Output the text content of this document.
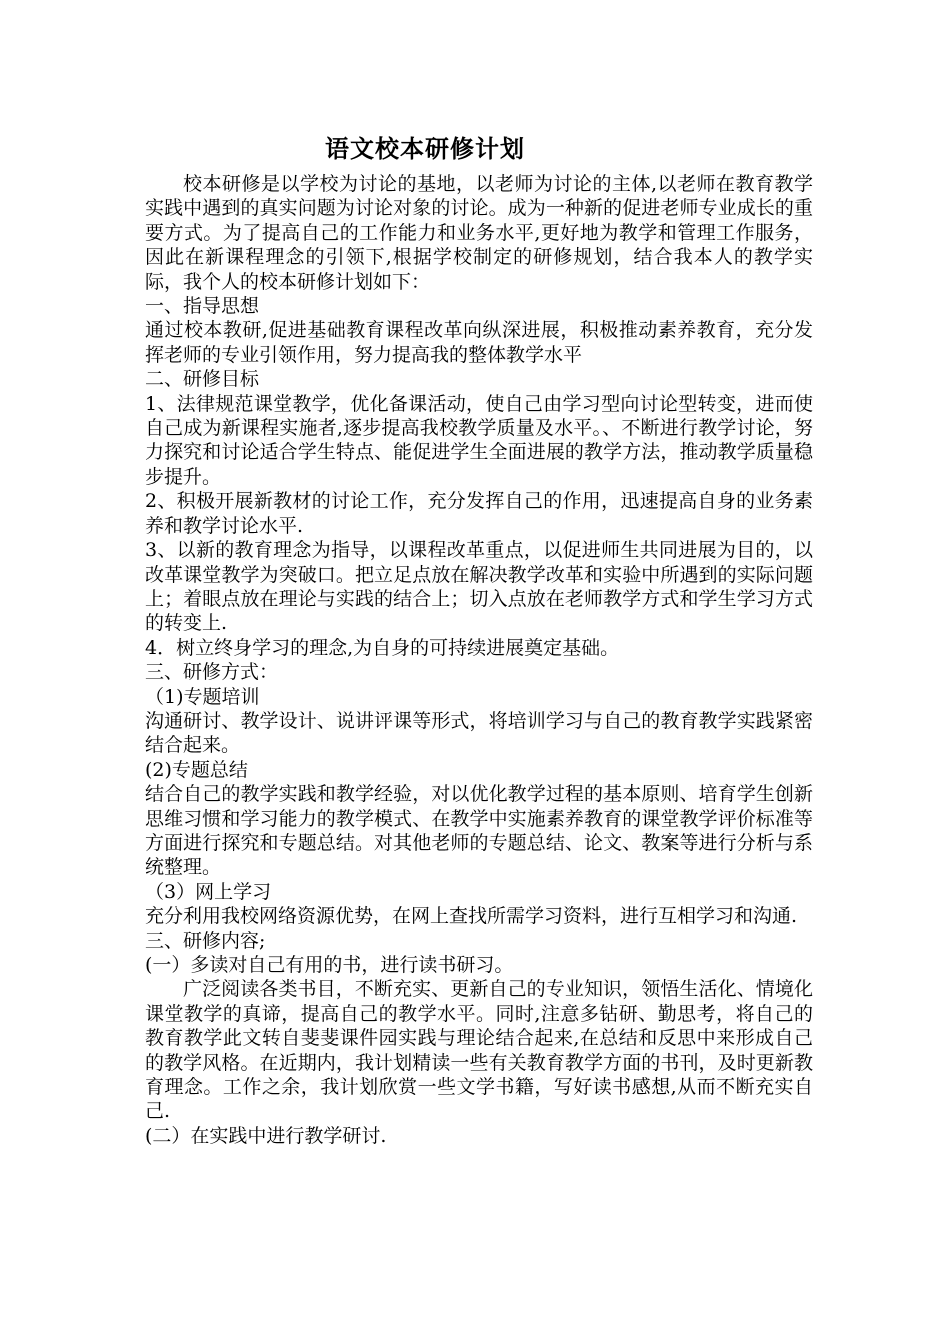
语文校本研修计划

校本研修是以学校为讨论的基地，以老师为讨论的主体,以老师在教育教学实践中遇到的真实问题为讨论对象的讨论。成为一种新的促进老师专业成长的重要方式。为了提高自己的工作能力和业务水平,更好地为教学和管理工作服务，因此在新课程理念的引领下,根据学校制定的研修规划，结合我本人的教学实际，我个人的校本研修计划如下：

一、指导思想

通过校本教研,促进基础教育课程改革向纵深进展，积极推动素养教育，充分发挥老师的专业引领作用，努力提高我的整体教学水平

二、研修目标

1、法律规范课堂教学，优化备课活动，使自己由学习型向讨论型转变，进而使自己成为新课程实施者,逐步提高我校教学质量及水平。、不断进行教学讨论，努力探究和讨论适合学生特点、能促进学生全面进展的教学方法，推动教学质量稳步提升。

2、积极开展新教材的讨论工作，充分发挥自己的作用，迅速提高自身的业务素养和教学讨论水平.

3、以新的教育理念为指导，以课程改革重点，以促进师生共同进展为目的，以改革课堂教学为突破口。把立足点放在解决教学改革和实验中所遇到的实际问题上；着眼点放在理论与实践的结合上；切入点放在老师教学方式和学生学习方式的转变上.

4．树立终身学习的理念,为自身的可持续进展奠定基础。

三、研修方式：

（1)专题培训

沟通研讨、教学设计、说讲评课等形式，将培训学习与自己的教育教学实践紧密结合起来。

(2)专题总结

结合自己的教学实践和教学经验，对以优化教学过程的基本原则、培育学生创新思维习惯和学习能力的教学模式、在教学中实施素养教育的课堂教学评价标准等方面进行探究和专题总结。对其他老师的专题总结、论文、教案等进行分析与系统整理。

（3）网上学习

充分利用我校网络资源优势，在网上查找所需学习资料，进行互相学习和沟通.

三、研修内容;

(一）多读对自己有用的书，进行读书研习。

广泛阅读各类书目，不断充实、更新自己的专业知识，领悟生活化、情境化课堂教学的真谛，提高自己的教学水平。同时,注意多钻研、勤思考，将自己的教育教学此文转自斐斐课件园实践与理论结合起来,在总结和反思中来形成自己的教学风格。在近期内，我计划精读一些有关教育教学方面的书刊，及时更新教育理念。工作之余，我计划欣赏一些文学书籍，写好读书感想,从而不断充实自己.

(二）在实践中进行教学研讨.
